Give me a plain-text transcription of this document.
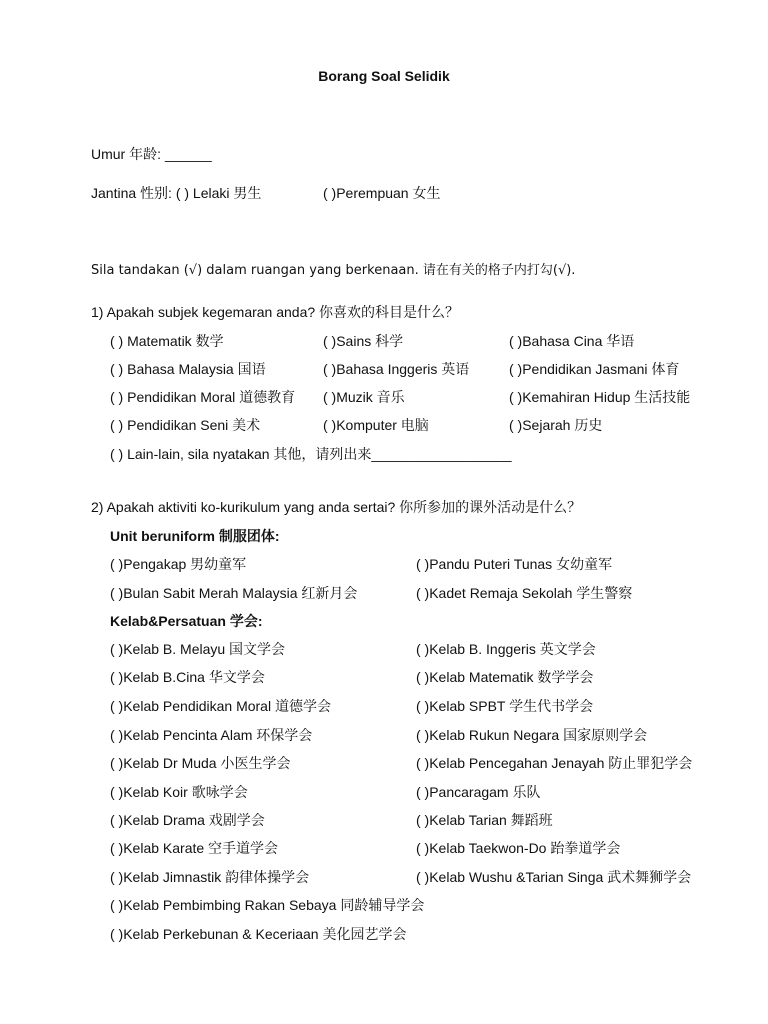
Borang Soal Selidik
Umur 年龄: ______
Jantina 性别: ( ) Lelaki 男生	( )Perempuan 女生
Sila tandakan (√) dalam ruangan yang berkenaan. 请在有关的格子内打勾(√).
1) Apakah subjek kegemaran anda? 你喜欢的科目是什么？
( ) Matematik 数学	( )Sains 科学	( )Bahasa Cina 华语
( ) Bahasa Malaysia 国语	( )Bahasa Inggeris 英语	( )Pendidikan Jasmani 体育
( ) Pendidikan Moral 道德教育 ( )Muzik 音乐	( )Kemahiran Hidup 生活技能
( ) Pendidikan Seni 美术	( )Komputer 电脑	( )Sejarah 历史
( ) Lain-lain, sila nyatakan 其他，请列出来__________________
2) Apakah aktiviti ko-kurikulum yang anda sertai? 你所参加的课外活动是什么？
Unit beruniform 制服团体:
( )Pengakap 男幼童军	( )Pandu Puteri Tunas 女幼童军
( )Bulan Sabit Merah Malaysia 红新月会	( )Kadet Remaja Sekolah 学生警察
Kelab&Persatuan 学会:
( )Kelab B. Melayu 国文学会	( )Kelab B. Inggeris 英文学会
( )Kelab B.Cina 华文学会	( )Kelab Matematik 数学学会
( )Kelab Pendidikan Moral 道德学会	( )Kelab SPBT 学生代书学会
( )Kelab Pencinta Alam 环保学会	( )Kelab Rukun Negara 国家原则学会
( )Kelab Dr Muda 小医生学会	( )Kelab Pencegahan Jenayah 防止罪犯学会
( )Kelab Koir 歌咏学会	( )Pancaragam 乐队
( )Kelab Drama 戏剧学会	( )Kelab Tarian 舞蹈班
( )Kelab Karate 空手道学会	( )Kelab Taekwon-Do 跆拳道学会
( )Kelab Jimnastik 韵律体操学会	( )Kelab Wushu &Tarian Singa 武术舞狮学会
( )Kelab Pembimbing Rakan Sebaya 同龄辅导学会
( )Kelab Perkebunan & Keceriaan 美化园艺学会
